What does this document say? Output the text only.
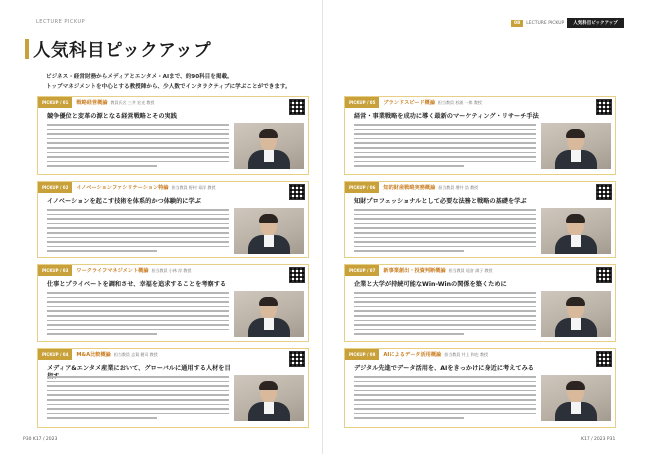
LECTURE PICKUP
人気科目ピックアップ
ビジネス・経営財務からメディアとエンタメ・AIまで、約90科目を掲載。
トップマネジメントを中心とする教授陣から、少人数でインタラクティブに学ぶことができます。
08	LECTURE PICKUP	人気科目ピックアップ
PICKUP / 01	戦略経営概論 教員氏名 三井 宏光 教授
競争優位と変革の源となる経営戦略とその実践
PICKUP / 02	イノベーションファシリテーション特論 担当教員 野村 章洋 教授
イノベーションを起こす技術を体系的かつ体験的に学ぶ
PICKUP / 03	ワークライフマネジメント概論 担当教員 小林 淳 教授
仕事とプライベートを調和させ、幸福を追求することを考察する
PICKUP / 04	M&A比較概論 担当教員 志賀 健司 教授
メディア&エンタメ産業において、グローバルに通用する人材を目
PICKUP / 05	ブランドスピード概論 担当教員 杉浦 一郎 教授
経営・事業戦略を成功に導く最新のマーケティング・リサーチ手法
PICKUP / 06	知的財産戦略実務概論 担当教員 増井 浩 教授
知財プロフェッショナルとして必要な法務と戦略の基礎を学ぶ
PICKUP / 07	新事業創出・投資判断概論 担当教員 尾倉 満子 教授
企業と大学が持続可能なWin-Winの関係を築くために
PICKUP / 08	AIによるデータ活用概論 担当教員 井上 和也 教授
デジタル先進でデータ活用を、AIをきっかけに身近に考えてみる
P30 K17 / 2023	K17 / 2023 P31
